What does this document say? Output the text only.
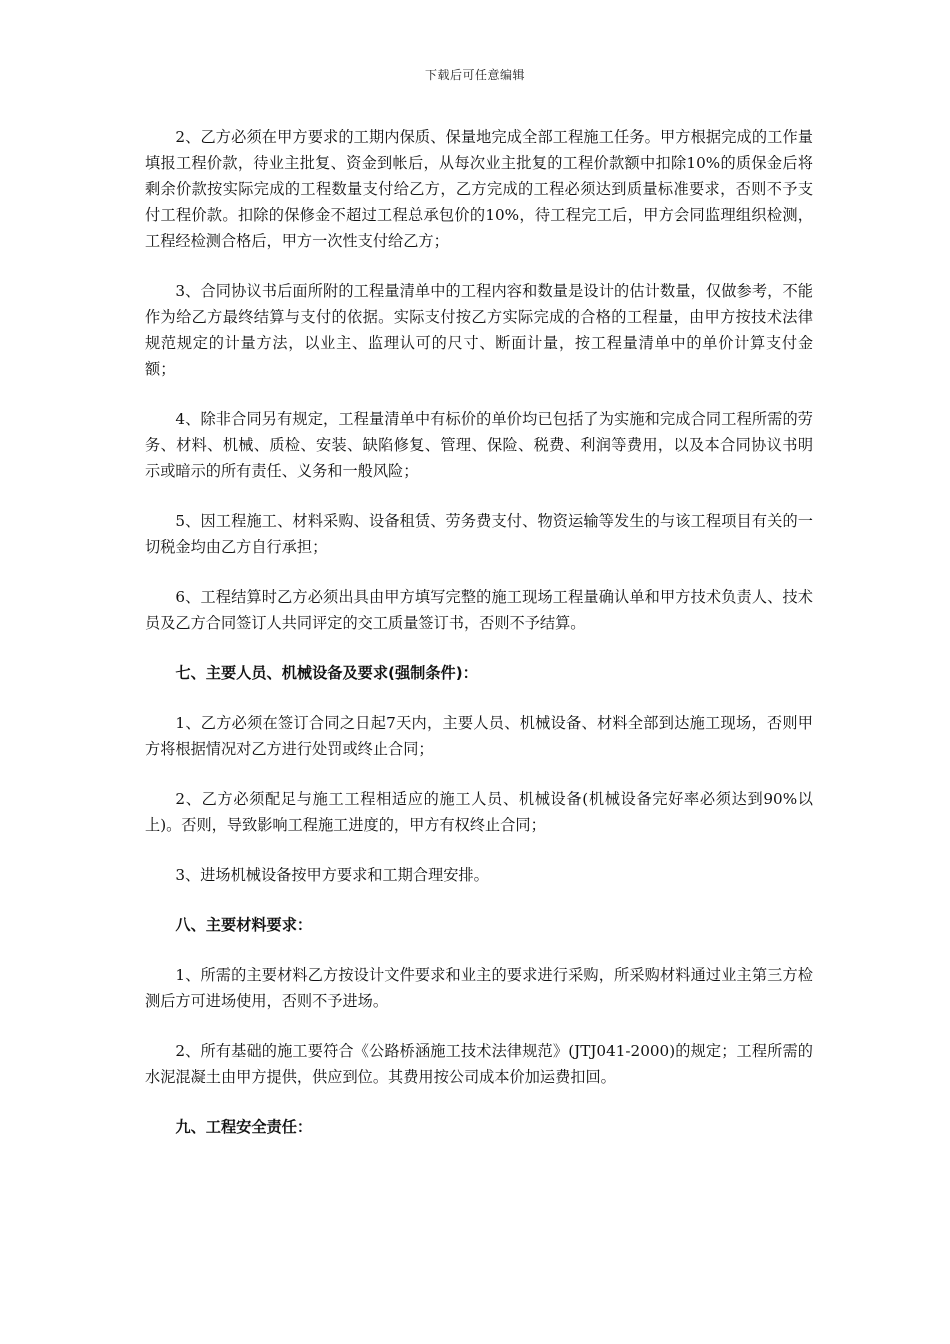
下载后可任意编辑

2、乙方必须在甲方要求的工期内保质、保量地完成全部工程施工任务。甲方根据完成的工作量填报工程价款，待业主批复、资金到帐后，从每次业主批复的工程价款额中扣除10%的质保金后将剩余价款按实际完成的工程数量支付给乙方，乙方完成的工程必须达到质量标准要求，否则不予支付工程价款。扣除的保修金不超过工程总承包价的10%，待工程完工后，甲方会同监理组织检测，工程经检测合格后，甲方一次性支付给乙方；

3、合同协议书后面所附的工程量清单中的工程内容和数量是设计的估计数量，仅做参考，不能作为给乙方最终结算与支付的依据。实际支付按乙方实际完成的合格的工程量，由甲方按技术法律规范规定的计量方法，以业主、监理认可的尺寸、断面计量，按工程量清单中的单价计算支付金额；

4、除非合同另有规定，工程量清单中有标价的单价均已包括了为实施和完成合同工程所需的劳务、材料、机械、质检、安装、缺陷修复、管理、保险、税费、利润等费用，以及本合同协议书明示或暗示的所有责任、义务和一般风险；

5、因工程施工、材料采购、设备租赁、劳务费支付、物资运输等发生的与该工程项目有关的一切税金均由乙方自行承担；

6、工程结算时乙方必须出具由甲方填写完整的施工现场工程量确认单和甲方技术负责人、技术员及乙方合同签订人共同评定的交工质量签订书，否则不予结算。

七、主要人员、机械设备及要求(强制条件)：

1、乙方必须在签订合同之日起7天内，主要人员、机械设备、材料全部到达施工现场，否则甲方将根据情况对乙方进行处罚或终止合同；

2、乙方必须配足与施工工程相适应的施工人员、机械设备(机械设备完好率必须达到90%以上)。否则，导致影响工程施工进度的，甲方有权终止合同；

3、进场机械设备按甲方要求和工期合理安排。

八、主要材料要求：

1、所需的主要材料乙方按设计文件要求和业主的要求进行采购，所采购材料通过业主第三方检测后方可进场使用，否则不予进场。

2、所有基础的施工要符合《公路桥涵施工技术法律规范》(JTJ041-2000)的规定；工程所需的水泥混凝土由甲方提供，供应到位。其费用按公司成本价加运费扣回。

九、工程安全责任：
